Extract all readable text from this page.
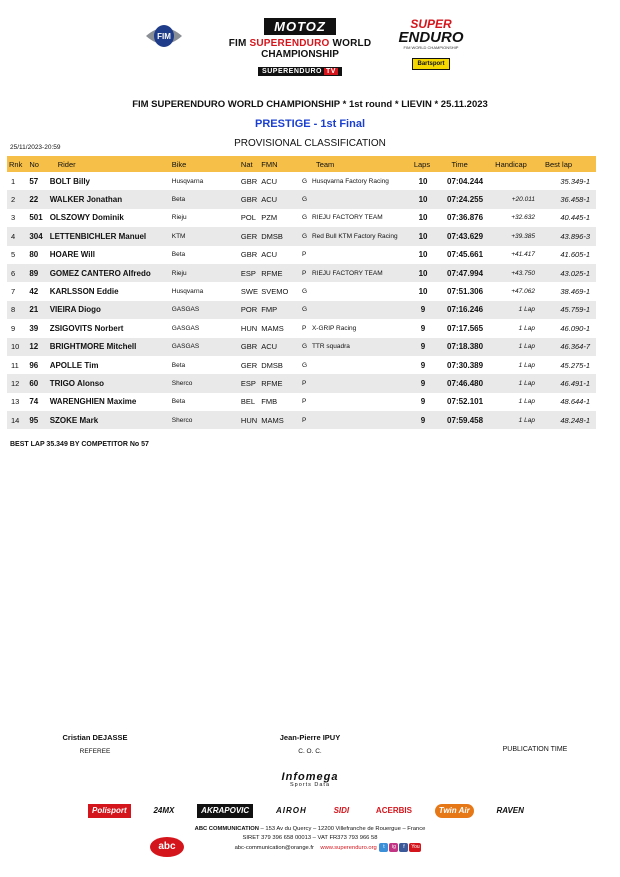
FIM
MOTOZ
FIM SUPERENDURO WORLD
CHAMPIONSHIP
SUPERENDURO TV
SUPER
ENDURO
FIM WORLD CHAMPIONSHIP
Bartsport
FIM SUPERENDURO WORLD CHAMPIONSHIP * 1st round * LIEVIN * 25.11.2023
PRESTIGE - 1st Final
PROVISIONAL CLASSIFICATION
25/11/2023-20:59
Rnk	No	Rider	Bike	Nat	FMN	Team	Laps	Time	Handicap	Best lap
1	57	BOLT Billy	Husqvarna	GBR	ACU	G Husqvarna Factory Racing	10	07:04.244		35.349-1
2	22	WALKER Jonathan	Beta	GBR	ACU	G	10	07:24.255	+20.011	36.458-1
3	501	OLSZOWY Dominik	Rieju	POL	PZM	G RIEJU FACTORY TEAM	10	07:36.876	+32.632	40.445-1
4	304	LETTENBICHLER Manuel	KTM	GER	DMSB	G Red Bull KTM Factory Racing	10	07:43.629	+39.385	43.896-3
5	80	HOARE Will	Beta	GBR	ACU	P	10	07:45.661	+41.417	41.605-1
6	89	GOMEZ CANTERO Alfredo	Rieju	ESP	RFME	P RIEJU FACTORY TEAM	10	07:47.994	+43.750	43.025-1
7	42	KARLSSON Eddie	Husqvarna	SWE	SVEMO	G	10	07:51.306	+47.062	38.469-1
8	21	VIEIRA Diogo	GASGAS	POR	FMP	G	9	07:16.246	1 Lap	45.759-1
9	39	ZSIGOVITS Norbert	GASGAS	HUN	MAMS	P X-GRIP Racing	9	07:17.565	1 Lap	46.090-1
10	12	BRIGHTMORE Mitchell	GASGAS	GBR	ACU	G TTR squadra	9	07:18.380	1 Lap	46.364-7
11	96	APOLLE Tim	Beta	GER	DMSB	G	9	07:30.389	1 Lap	45.275-1
12	60	TRIGO Alonso	Sherco	ESP	RFME	P	9	07:46.480	1 Lap	46.491-1
13	74	WARENGHIEN Maxime	Beta	BEL	FMB	P	9	07:52.101	1 Lap	48.644-1
14	95	SZOKE Mark	Sherco	HUN	MAMS	P	9	07:59.458	1 Lap	48.248-1
BEST LAP 35.349 BY COMPETITOR No 57
Cristian DEJASSE
REFEREE
Jean-Pierre IPUY
C. O. C.	PUBLICATION TIME
Infomega
Sports Data
Polisport	24MX	AKRAPOVIC	AIROH	SIDI	ACERBIS	Twin Air	RAVEN
ABC COMMUNICATION – 153 Av du Quercy – 12200 Villefranche de Rouergue – France
SIRET 379 396 658 00013 – VAT FR373 793 966 58
abc-communication@orange.fr www.superenduro.org t ig f You
abc
